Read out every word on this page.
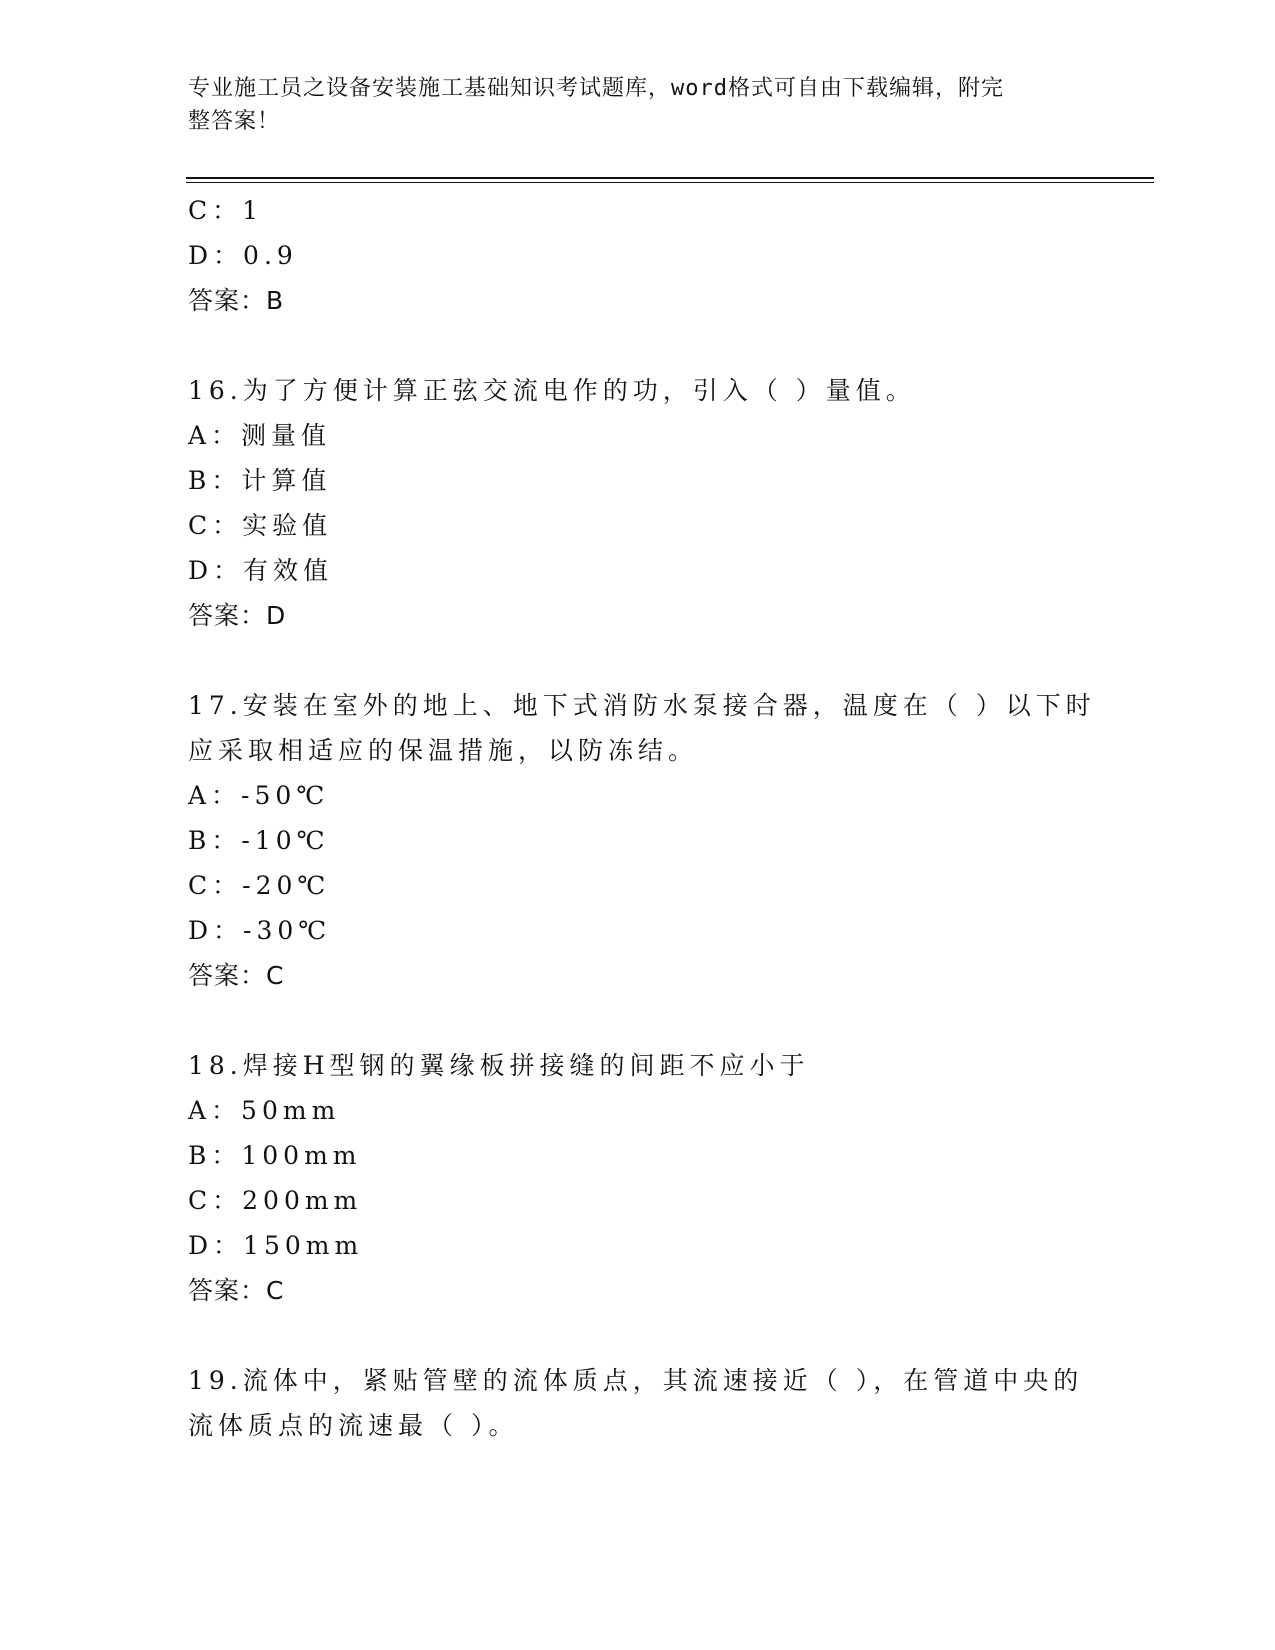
专业施工员之设备安装施工基础知识考试题库，word格式可自由下载编辑，附完
整答案！
C：1
D：0.9
答案：B
16.为了方便计算正弦交流电作的功，引入（ ）量值。
A：测量值
B：计算值
C：实验值
D：有效值
答案：D
17.安装在室外的地上、地下式消防水泵接合器，温度在（ ）以下时
应采取相适应的保温措施，以防冻结。
A：-50℃
B：-10℃
C：-20℃
D：-30℃
答案：C
18.焊接H型钢的翼缘板拼接缝的间距不应小于
A：50mm
B：100mm
C：200mm
D：150mm
答案：C
19.流体中，紧贴管壁的流体质点，其流速接近（ ），在管道中央的
流体质点的流速最（ ）。
